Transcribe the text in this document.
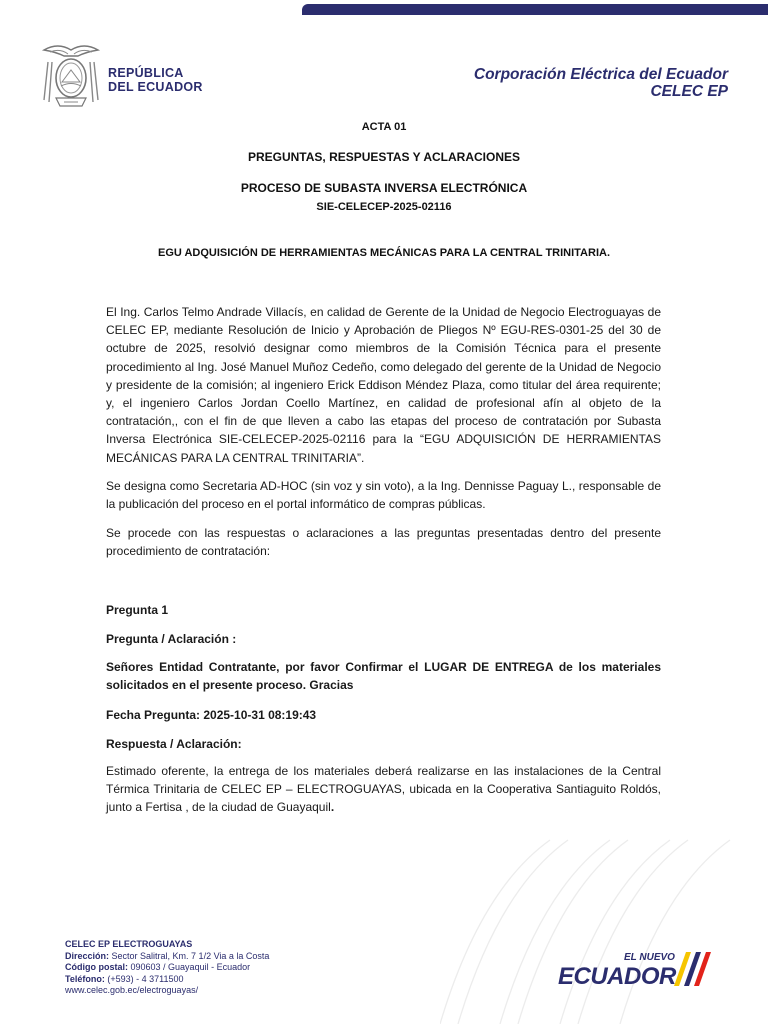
REPÚBLICA
DEL ECUADOR
Corporación Eléctrica del Ecuador
CELEC EP
ACTA 01
PREGUNTAS, RESPUESTAS Y ACLARACIONES
PROCESO DE SUBASTA INVERSA ELECTRÓNICA
SIE-CELECEP-2025-02116
EGU ADQUISICIÓN DE HERRAMIENTAS MECÁNICAS PARA LA CENTRAL TRINITARIA.
El Ing. Carlos Telmo Andrade Villacís, en calidad de Gerente de la Unidad de Negocio Electroguayas de CELEC EP, mediante Resolución de Inicio y Aprobación de Pliegos Nº EGU-RES-0301-25 del 30 de octubre de 2025, resolvió designar como miembros de la Comisión Técnica para el presente procedimiento al Ing. José Manuel Muñoz Cedeño, como delegado del gerente de la Unidad de Negocio y presidente de la comisión; al ingeniero Erick Eddison Méndez Plaza, como titular del área requirente; y, el ingeniero Carlos Jordan Coello Martínez, en calidad de profesional afín al objeto de la contratación,, con el fin de que lleven a cabo las etapas del proceso de contratación por Subasta Inversa Electrónica SIE-CELECEP-2025-02116 para la “EGU ADQUISICIÓN DE HERRAMIENTAS MECÁNICAS PARA LA CENTRAL TRINITARIA”.
Se designa como Secretaria AD-HOC (sin voz y sin voto), a la Ing. Dennisse Paguay L., responsable de la publicación del proceso en el portal informático de compras públicas.
Se procede con las respuestas o aclaraciones a las preguntas presentadas dentro del presente procedimiento de contratación:
Pregunta 1
Pregunta / Aclaración :
Señores Entidad Contratante, por favor Confirmar el LUGAR DE ENTREGA de los materiales solicitados en el presente proceso. Gracias
Fecha Pregunta: 2025-10-31 08:19:43
Respuesta / Aclaración:
Estimado oferente, la entrega de los materiales deberá realizarse en las instalaciones de la Central Térmica Trinitaria de CELEC EP – ELECTROGUAYAS, ubicada en la Cooperativa Santiaguito Roldós, junto a Fertisa , de la ciudad de Guayaquil.
CELEC EP ELECTROGUAYAS
Dirección: Sector Salitral, Km. 7 1/2 Via a la Costa
Código postal: 090603 / Guayaquil - Ecuador
Teléfono: (+593) - 4 3711500
www.celec.gob.ec/electroguayas/
EL NUEVO
ECUADOR
